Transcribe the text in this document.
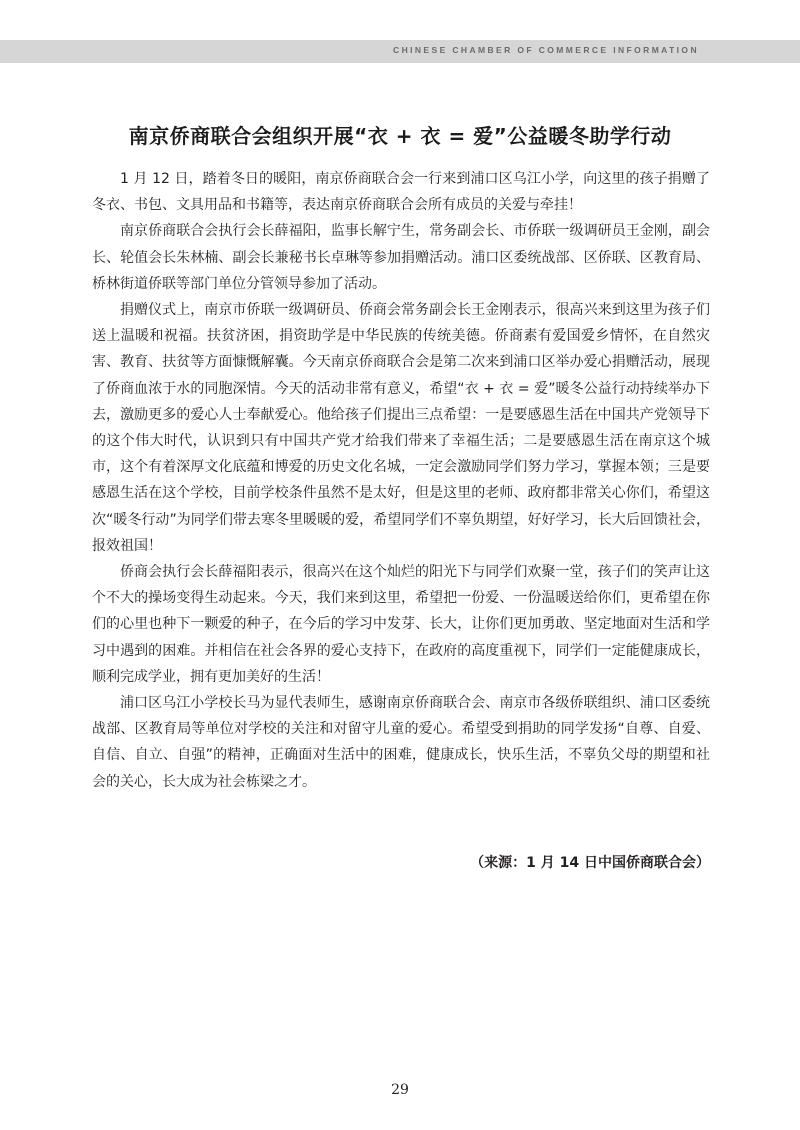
CHINESE CHAMBER OF COMMERCE INFORMATION
南京侨商联合会组织开展“衣 + 衣 = 爱”公益暖冬助学行动

1 月 12 日，踏着冬日的暖阳，南京侨商联合会一行来到浦口区乌江小学，向这里的孩子捐赠了冬衣、书包、文具用品和书籍等，表达南京侨商联合会所有成员的关爱与牵挂！

南京侨商联合会执行会长薛福阳，监事长解宁生，常务副会长、市侨联一级调研员王金刚，副会长、轮值会长朱林楠、副会长兼秘书长卓琳等参加捐赠活动。浦口区委统战部、区侨联、区教育局、桥林街道侨联等部门单位分管领导参加了活动。

捐赠仪式上，南京市侨联一级调研员、侨商会常务副会长王金刚表示，很高兴来到这里为孩子们送上温暖和祝福。扶贫济困，捐资助学是中华民族的传统美德。侨商素有爱国爱乡情怀，在自然灾害、教育、扶贫等方面慷慨解囊。今天南京侨商联合会是第二次来到浦口区举办爱心捐赠活动，展现了侨商血浓于水的同胞深情。今天的活动非常有意义，希望“衣 + 衣 = 爱”暖冬公益行动持续举办下去，激励更多的爱心人士奉献爱心。他给孩子们提出三点希望：一是要感恩生活在中国共产党领导下的这个伟大时代，认识到只有中国共产党才给我们带来了幸福生活；二是要感恩生活在南京这个城市，这个有着深厚文化底蕴和博爱的历史文化名城，一定会激励同学们努力学习，掌握本领；三是要感恩生活在这个学校，目前学校条件虽然不是太好，但是这里的老师、政府都非常关心你们，希望这次“暖冬行动”为同学们带去寒冬里暖暖的爱，希望同学们不辜负期望，好好学习，长大后回馈社会，报效祖国！

侨商会执行会长薛福阳表示，很高兴在这个灿烂的阳光下与同学们欢聚一堂，孩子们的笑声让这个不大的操场变得生动起来。今天，我们来到这里，希望把一份爱、一份温暖送给你们，更希望在你们的心里也种下一颗爱的种子，在今后的学习中发芽、长大，让你们更加勇敢、坚定地面对生活和学习中遇到的困难。并相信在社会各界的爱心支持下，在政府的高度重视下，同学们一定能健康成长，顺利完成学业，拥有更加美好的生活！

浦口区乌江小学校长马为显代表师生，感谢南京侨商联合会、南京市各级侨联组织、浦口区委统战部、区教育局等单位对学校的关注和对留守儿童的爱心。希望受到捐助的同学发扬“自尊、自爱、自信、自立、自强”的精神，正确面对生活中的困难，健康成长，快乐生活，不辜负父母的期望和社会的关心，长大成为社会栋梁之才。

（来源：1 月 14 日中国侨商联合会）
29
